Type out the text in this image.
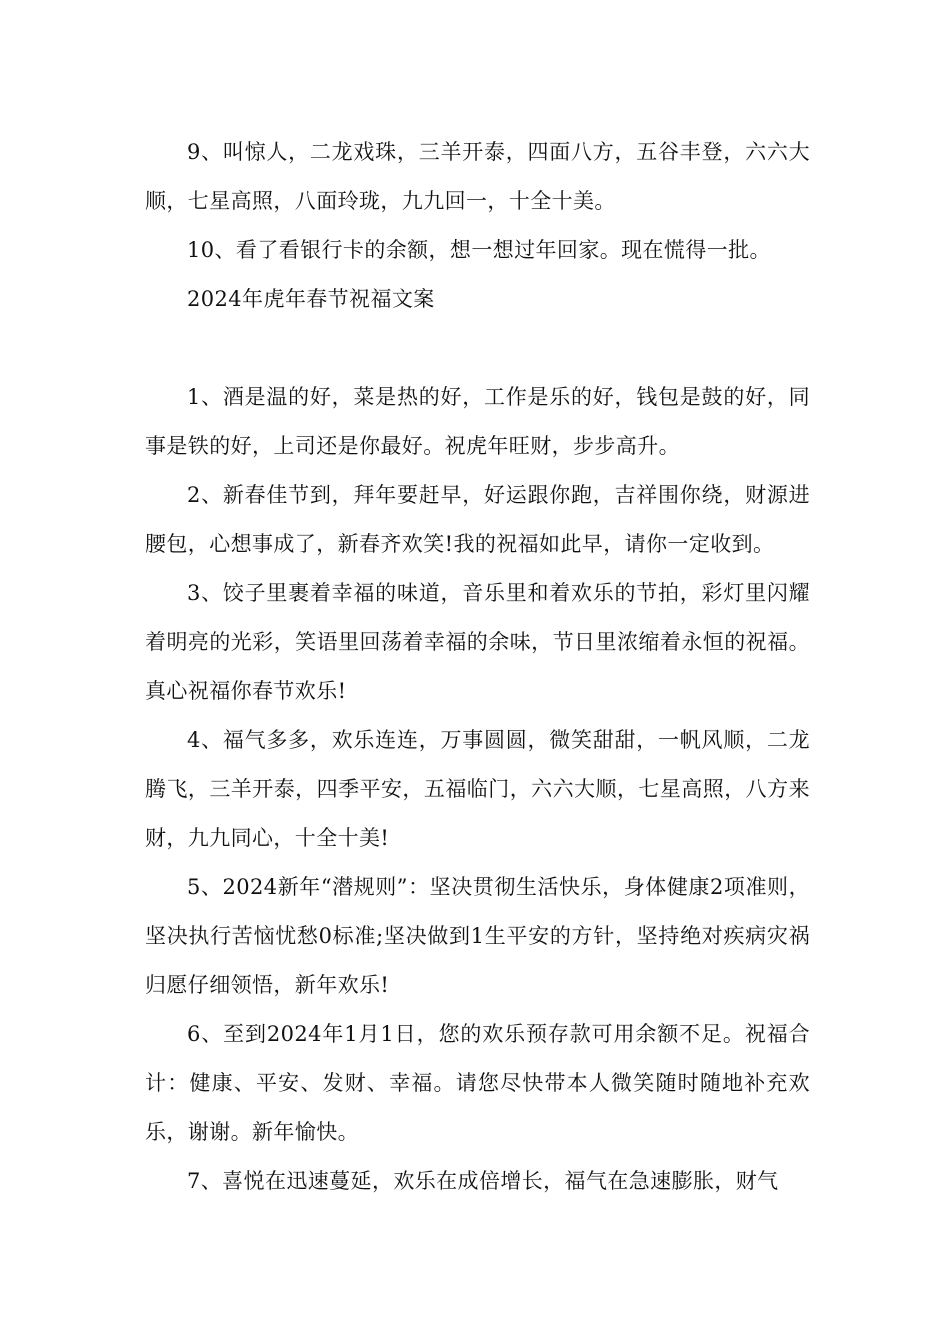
9、叫惊人，二龙戏珠，三羊开泰，四面八方，五谷丰登，六六大顺，七星高照，八面玲珑，九九回一，十全十美。

10、看了看银行卡的余额，想一想过年回家。现在慌得一批。

2024年虎年春节祝福文案

1、酒是温的好，菜是热的好，工作是乐的好，钱包是鼓的好，同事是铁的好，上司还是你最好。祝虎年旺财，步步高升。

2、新春佳节到，拜年要赶早，好运跟你跑，吉祥围你绕，财源进腰包，心想事成了，新春齐欢笑!我的祝福如此早，请你一定收到。

3、饺子里裹着幸福的味道，音乐里和着欢乐的节拍，彩灯里闪耀着明亮的光彩，笑语里回荡着幸福的余味，节日里浓缩着永恒的祝福。真心祝福你春节欢乐!

4、福气多多，欢乐连连，万事圆圆，微笑甜甜，一帆风顺，二龙腾飞，三羊开泰，四季平安，五福临门，六六大顺，七星高照，八方来财，九九同心，十全十美!

5、2024新年“潜规则”：坚决贯彻生活快乐，身体健康2项准则，坚决执行苦恼忧愁0标准;坚决做到1生平安的方针，坚持绝对疾病灾祸归愿仔细领悟，新年欢乐!

6、至到2024年1月1日，您的欢乐预存款可用余额不足。祝福合计：健康、平安、发财、幸福。请您尽快带本人微笑随时随地补充欢乐，谢谢。新年愉快。

7、喜悦在迅速蔓延，欢乐在成倍增长，福气在急速膨胀，财气
